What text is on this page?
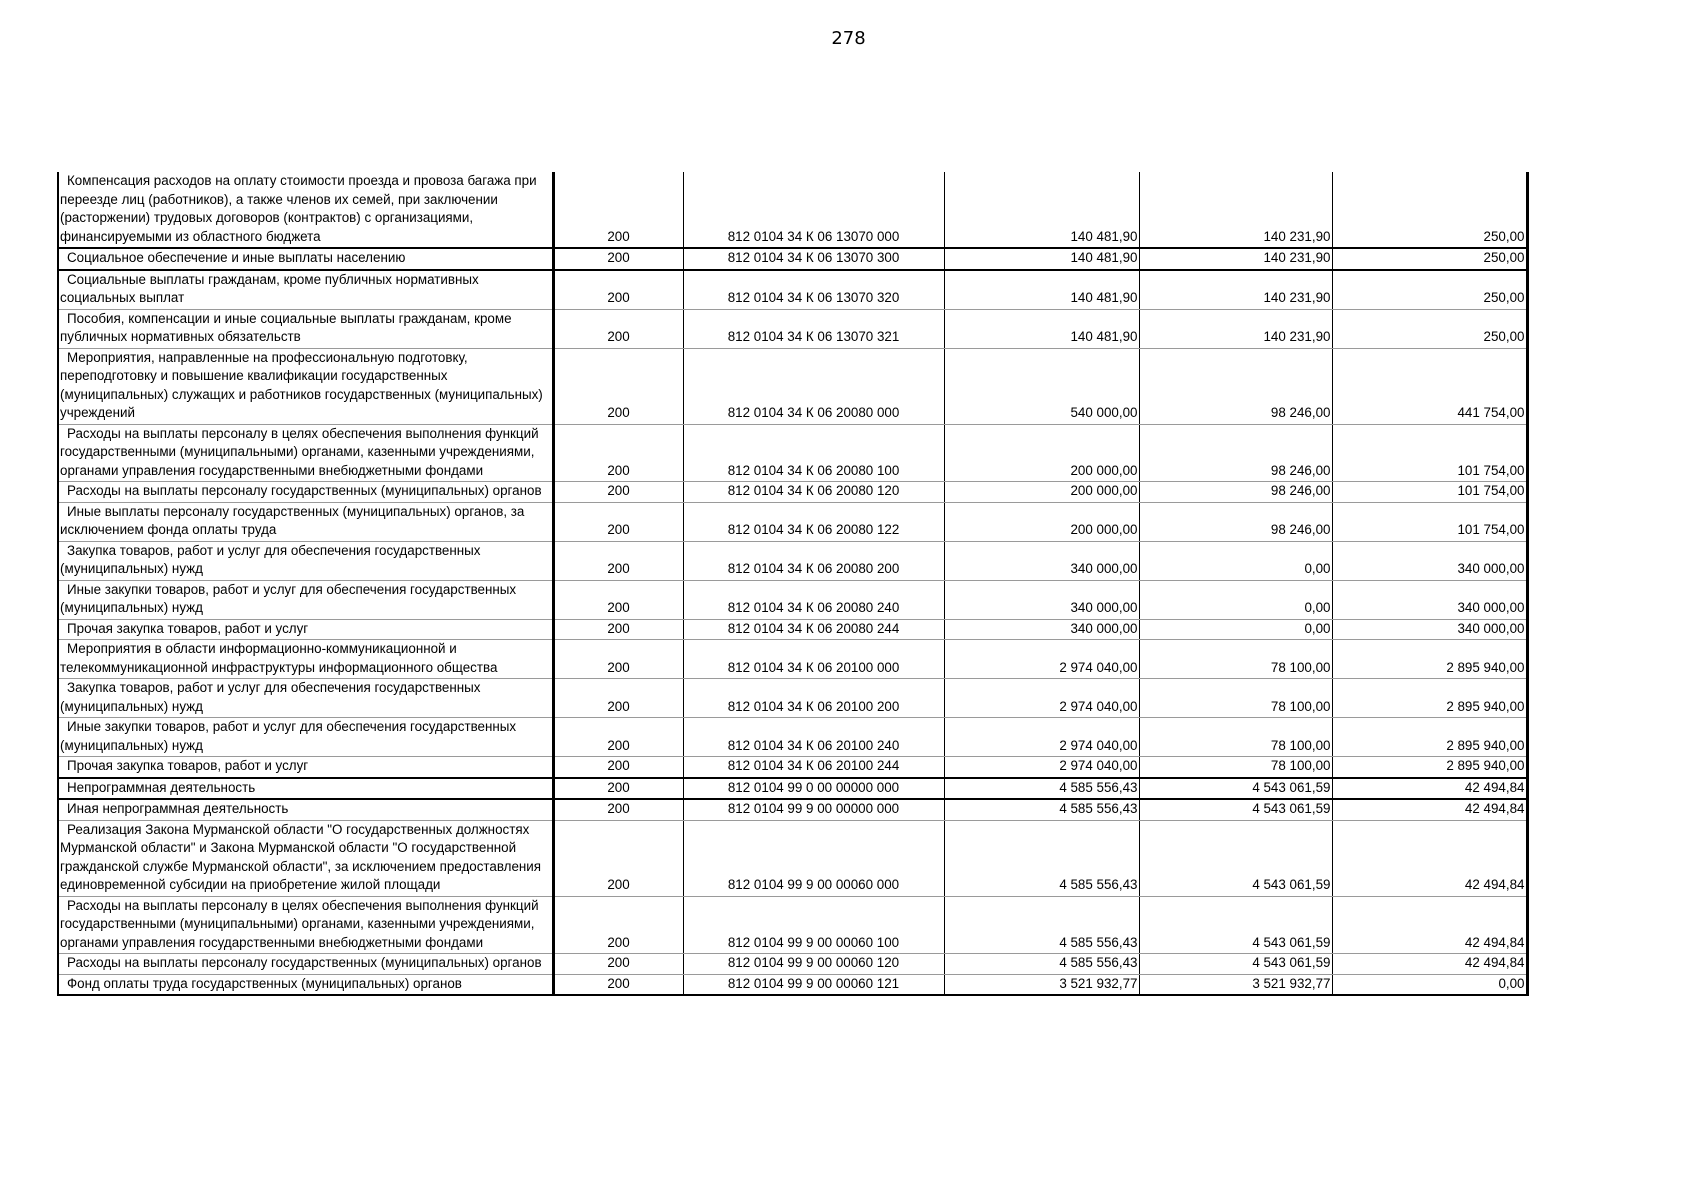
278
Компенсация расходов на оплату стоимости проезда и провоза багажа при переезде лиц (работников), а также членов их семей, при заключении (расторжении) трудовых договоров (контрактов) с организациями, финансируемыми из областного бюджета	200	812 0104 34 К 06 13070 000	140 481,90	140 231,90	250,00
Социальное обеспечение и иные выплаты населению	200	812 0104 34 К 06 13070 300	140 481,90	140 231,90	250,00
Социальные выплаты гражданам, кроме публичных нормативных социальных выплат	200	812 0104 34 К 06 13070 320	140 481,90	140 231,90	250,00
Пособия, компенсации и иные социальные выплаты гражданам, кроме публичных нормативных обязательств	200	812 0104 34 К 06 13070 321	140 481,90	140 231,90	250,00
Мероприятия, направленные на профессиональную подготовку, переподготовку и повышение квалификации государственных (муниципальных) служащих и работников государственных (муниципальных) учреждений	200	812 0104 34 К 06 20080 000	540 000,00	98 246,00	441 754,00
Расходы на выплаты персоналу в целях обеспечения выполнения функций государственными (муниципальными) органами, казенными учреждениями, органами управления государственными внебюджетными фондами	200	812 0104 34 К 06 20080 100	200 000,00	98 246,00	101 754,00
Расходы на выплаты персоналу государственных (муниципальных) органов	200	812 0104 34 К 06 20080 120	200 000,00	98 246,00	101 754,00
Иные выплаты персоналу государственных (муниципальных) органов, за исключением фонда оплаты труда	200	812 0104 34 К 06 20080 122	200 000,00	98 246,00	101 754,00
Закупка товаров, работ и услуг для обеспечения государственных (муниципальных) нужд	200	812 0104 34 К 06 20080 200	340 000,00	0,00	340 000,00
Иные закупки товаров, работ и услуг для обеспечения государственных (муниципальных) нужд	200	812 0104 34 К 06 20080 240	340 000,00	0,00	340 000,00
Прочая закупка товаров, работ и услуг	200	812 0104 34 К 06 20080 244	340 000,00	0,00	340 000,00
Мероприятия в области информационно-коммуникационной и телекоммуникационной инфраструктуры информационного общества	200	812 0104 34 К 06 20100 000	2 974 040,00	78 100,00	2 895 940,00
Закупка товаров, работ и услуг для обеспечения государственных (муниципальных) нужд	200	812 0104 34 К 06 20100 200	2 974 040,00	78 100,00	2 895 940,00
Иные закупки товаров, работ и услуг для обеспечения государственных (муниципальных) нужд	200	812 0104 34 К 06 20100 240	2 974 040,00	78 100,00	2 895 940,00
Прочая закупка товаров, работ и услуг	200	812 0104 34 К 06 20100 244	2 974 040,00	78 100,00	2 895 940,00
Непрограммная деятельность	200	812 0104 99 0 00 00000 000	4 585 556,43	4 543 061,59	42 494,84
Иная непрограммная деятельность	200	812 0104 99 9 00 00000 000	4 585 556,43	4 543 061,59	42 494,84
Реализация Закона Мурманской области "О государственных должностях Мурманской области" и Закона Мурманской области "О государственной гражданской службе Мурманской области", за исключением предоставления единовременной субсидии на приобретение жилой площади	200	812 0104 99 9 00 00060 000	4 585 556,43	4 543 061,59	42 494,84
Расходы на выплаты персоналу в целях обеспечения выполнения функций государственными (муниципальными) органами, казенными учреждениями, органами управления государственными внебюджетными фондами	200	812 0104 99 9 00 00060 100	4 585 556,43	4 543 061,59	42 494,84
Расходы на выплаты персоналу государственных (муниципальных) органов	200	812 0104 99 9 00 00060 120	4 585 556,43	4 543 061,59	42 494,84
Фонд оплаты труда государственных (муниципальных) органов	200	812 0104 99 9 00 00060 121	3 521 932,77	3 521 932,77	0,00
